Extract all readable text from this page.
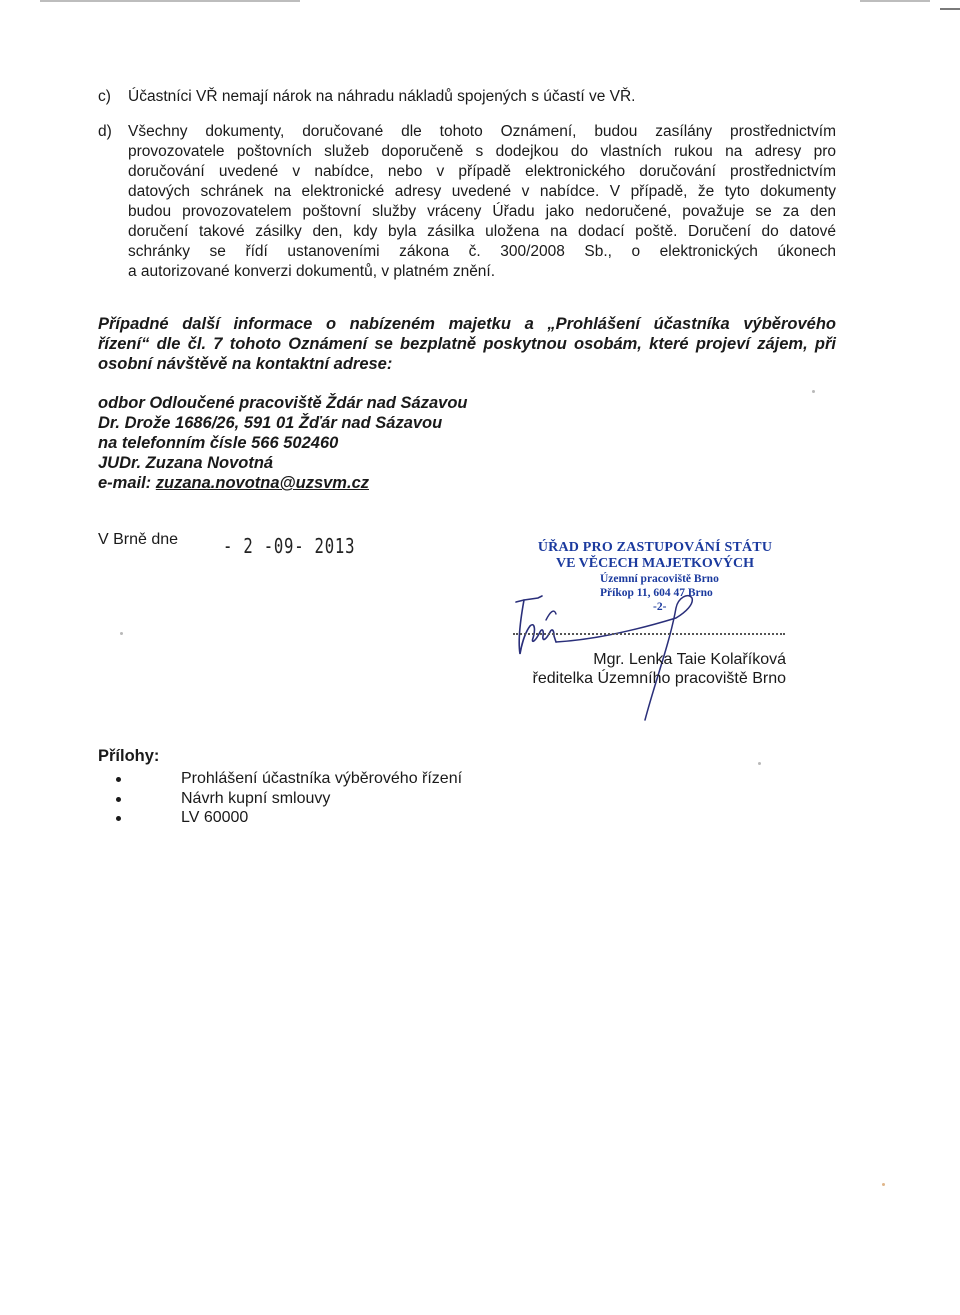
c) Účastníci VŘ nemají nárok na náhradu nákladů spojených s účastí ve VŘ.
d) Všechny dokumenty, doručované dle tohoto Oznámení, budou zasílány prostřednictvím
provozovatele poštovních služeb doporučeně s dodejkou do vlastních rukou na adresy pro
doručování uvedené v nabídce, nebo v případě elektronického doručování prostřednictvím
datových schránek na elektronické adresy uvedené v nabídce. V případě, že tyto dokumenty
budou provozovatelem poštovní služby vráceny Úřadu jako nedoručené, považuje se za den
doručení takové zásilky den, kdy byla zásilka uložena na dodací poště. Doručení do datové
schránky se řídí ustanoveními zákona č. 300/2008 Sb., o elektronických úkonech
a autorizované konverzi dokumentů, v platném znění.
Případné další informace o nabízeném majetku a „Prohlášení účastníka výběrového
řízení“ dle čl. 7 tohoto Oznámení se bezplatně poskytnou osobám, které projeví zájem, při
osobní návštěvě na kontaktní adrese:
odbor Odloučené pracoviště Ždár nad Sázavou
Dr. Drože 1686/26, 591 01 Žďár nad Sázavou
na telefonním čísle 566 502460
JUDr. Zuzana Novotná
e-mail: zuzana.novotna@uzsvm.cz
V Brně dne - 2 -09- 2013	ÚŘAD PRO ZASTUPOVÁNÍ STÁTU
VE VĚCECH MAJETKOVÝCH
Územní pracoviště Brno
Příkop 11, 604 47 Brno
-2-
Mgr. Lenka Taie Kolaříková
ředitelka Územního pracoviště Brno
Přílohy:
Prohlášení účastníka výběrového řízení
Návrh kupní smlouvy
LV 60000
